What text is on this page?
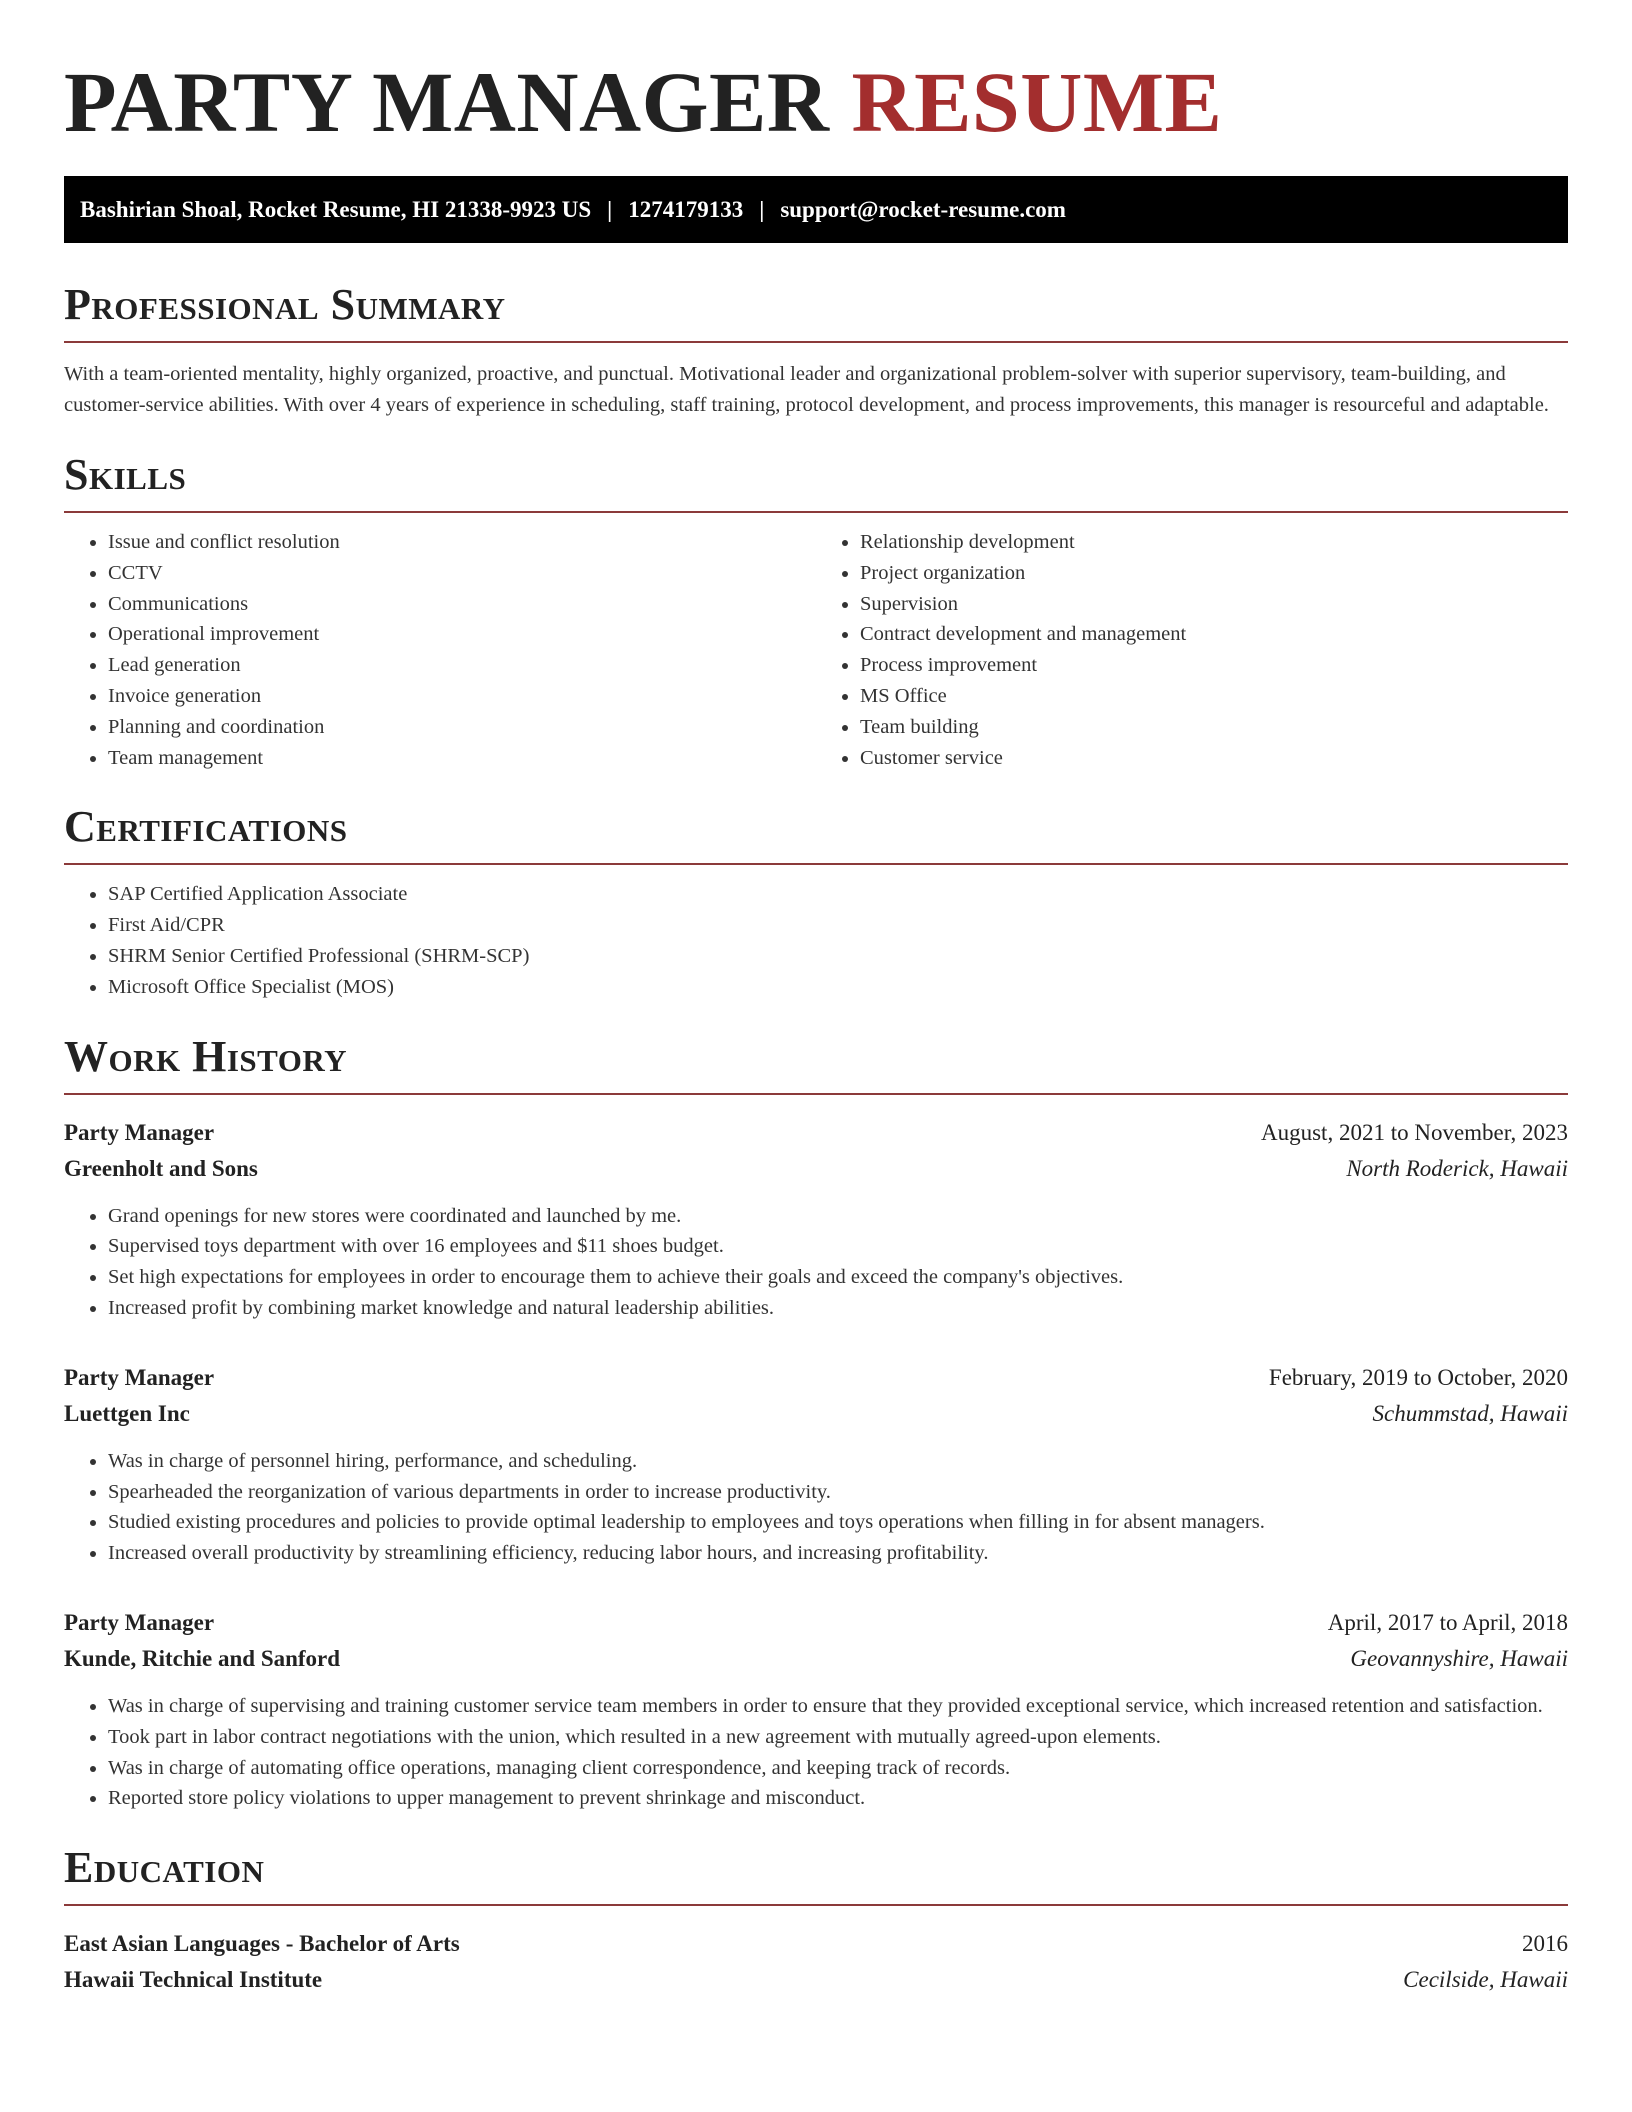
PARTY MANAGER RESUME
Bashirian Shoal, Rocket Resume, HI 21338-9923 US | 1274179133 | support@rocket-resume.com
Professional Summary

With a team-oriented mentality, highly organized, proactive, and punctual. Motivational leader and organizational problem-solver with superior supervisory, team-building, and customer-service abilities. With over 4 years of experience in scheduling, staff training, protocol development, and process improvements, this manager is resourceful and adaptable.

Skills
• Issue and conflict resolution
• CCTV
• Communications
• Operational improvement
• Lead generation
• Invoice generation
• Planning and coordination
• Team management
• Relationship development
• Project organization
• Supervision
• Contract development and management
• Process improvement
• MS Office
• Team building
• Customer service
Certifications
• SAP Certified Application Associate
• First Aid/CPR
• SHRM Senior Certified Professional (SHRM-SCP)
• Microsoft Office Specialist (MOS)
Work History
Party Manager	August, 2021 to November, 2023
Greenholt and Sons	North Roderick, Hawaii
• Grand openings for new stores were coordinated and launched by me.
• Supervised toys department with over 16 employees and $11 shoes budget.
• Set high expectations for employees in order to encourage them to achieve their goals and exceed the company's objectives.
• Increased profit by combining market knowledge and natural leadership abilities.
Party Manager	February, 2019 to October, 2020
Luettgen Inc	Schummstad, Hawaii
• Was in charge of personnel hiring, performance, and scheduling.
• Spearheaded the reorganization of various departments in order to increase productivity.
• Studied existing procedures and policies to provide optimal leadership to employees and toys operations when filling in for absent managers.
• Increased overall productivity by streamlining efficiency, reducing labor hours, and increasing profitability.
Party Manager	April, 2017 to April, 2018
Kunde, Ritchie and Sanford	Geovannyshire, Hawaii
• Was in charge of supervising and training customer service team members in order to ensure that they provided exceptional service, which increased retention and satisfaction.
• Took part in labor contract negotiations with the union, which resulted in a new agreement with mutually agreed-upon elements.
• Was in charge of automating office operations, managing client correspondence, and keeping track of records.
• Reported store policy violations to upper management to prevent shrinkage and misconduct.
Education
East Asian Languages - Bachelor of Arts	2016
Hawaii Technical Institute	Cecilside, Hawaii
